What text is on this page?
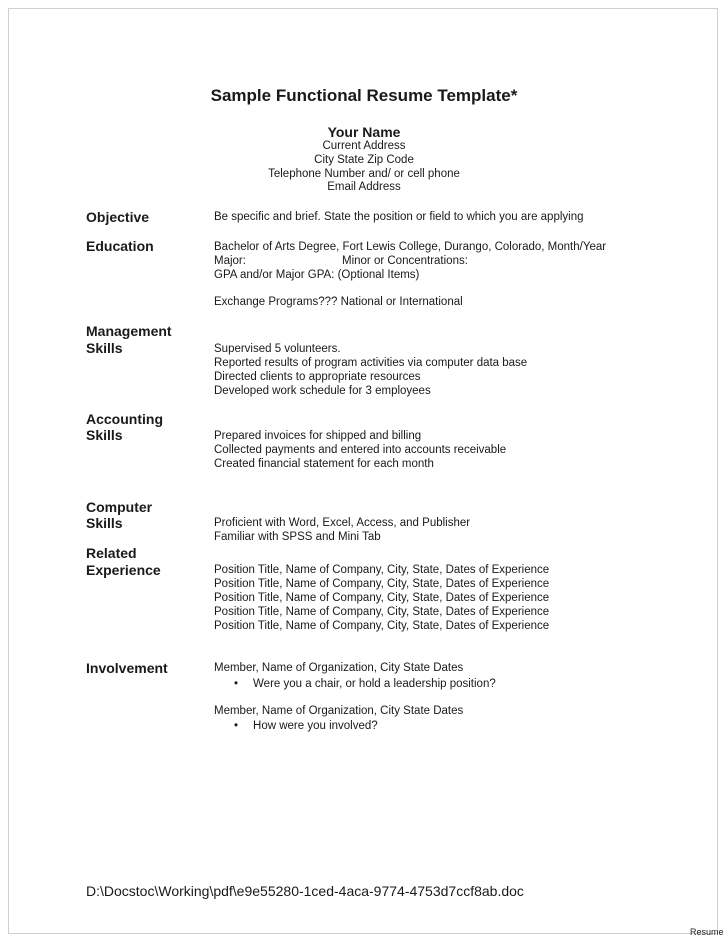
Sample Functional Resume Template*
Your Name
Current Address
City State Zip Code
Telephone Number and/ or cell phone
Email Address
Objective	Be specific and brief. State the position or field to which you are applying
Education	Bachelor of Arts Degree, Fort Lewis College, Durango, Colorado, Month/Year
Major:	Minor or Concentrations:
GPA and/or Major GPA: (Optional Items)
Exchange Programs??? National or International
Management
Skills	Supervised 5 volunteers.
Reported results of program activities via computer data base
Directed clients to appropriate resources
Developed work schedule for 3 employees
Accounting
Skills	Prepared invoices for shipped and billing
Collected payments and entered into accounts receivable
Created financial statement for each month
Computer
Skills	Proficient with Word, Excel, Access, and Publisher
Familiar with SPSS and Mini Tab
Related
Experience	Position Title, Name of Company, City, State, Dates of Experience
Position Title, Name of Company, City, State, Dates of Experience
Position Title, Name of Company, City, State, Dates of Experience
Position Title, Name of Company, City, State, Dates of Experience
Position Title, Name of Company, City, State, Dates of Experience
Involvement	Member, Name of Organization, City State Dates
• Were you a chair, or hold a leadership position?
Member, Name of Organization, City State Dates
• How were you involved?
D:\Docstoc\Working\pdf\e9e55280-1ced-4aca-9774-4753d7ccf8ab.doc
Resume
